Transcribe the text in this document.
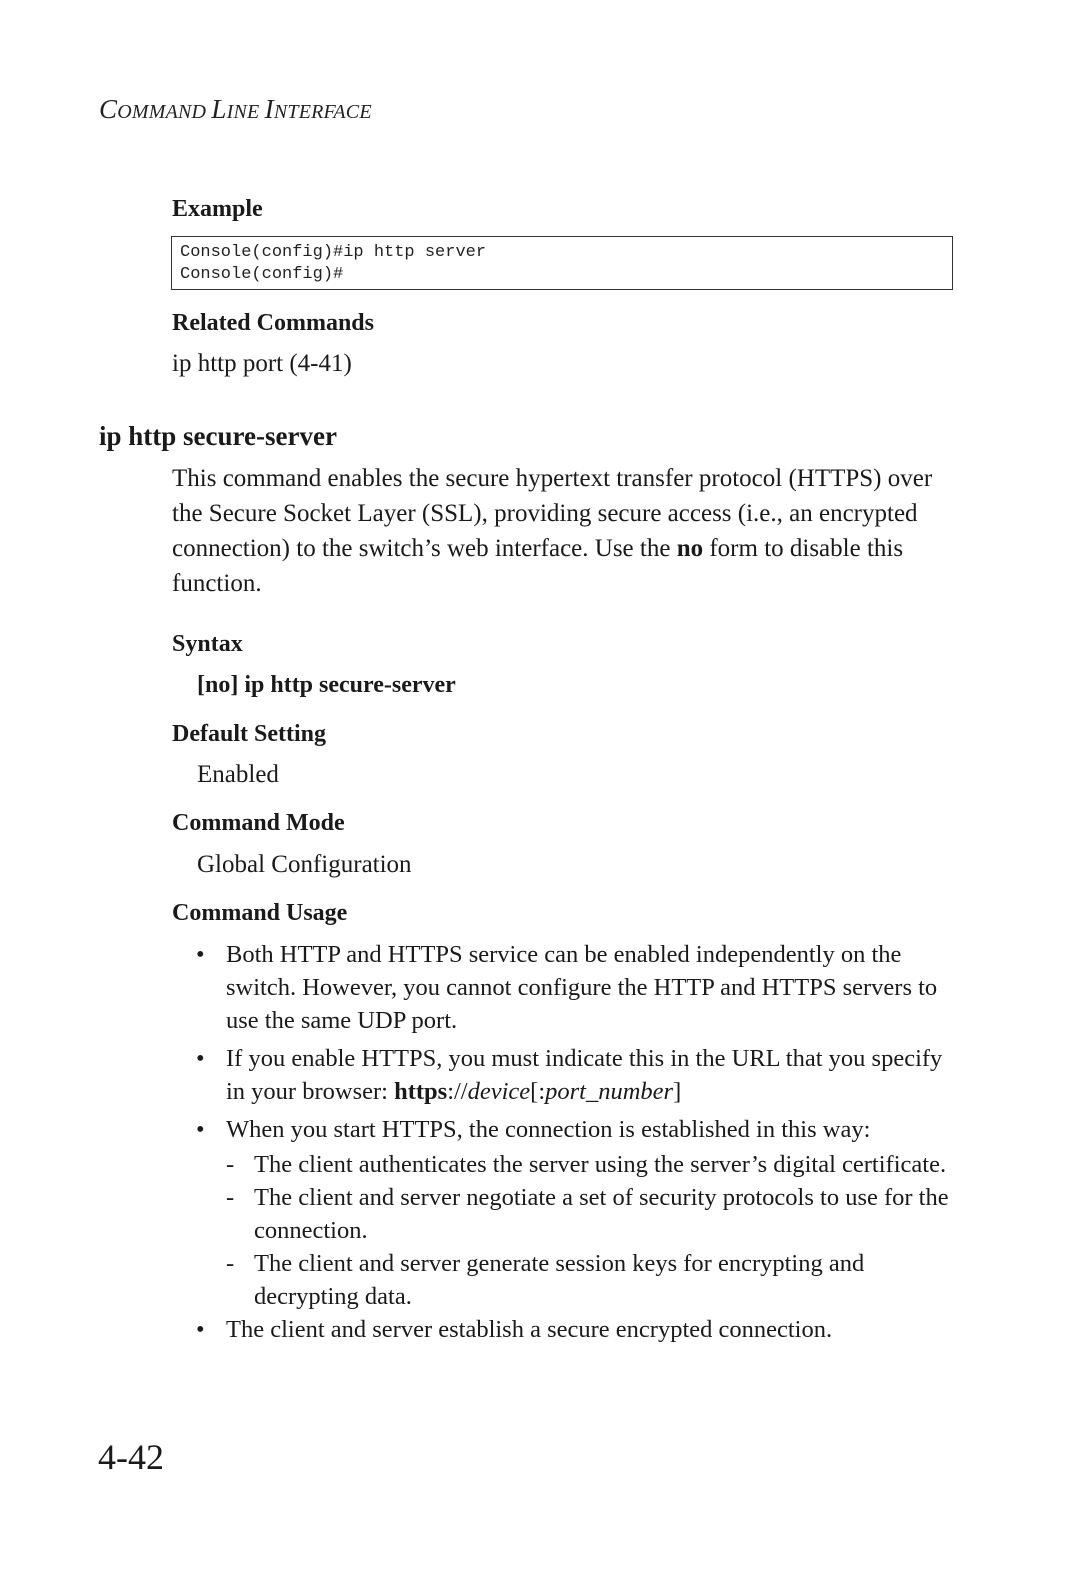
COMMAND LINE INTERFACE
Example
Console(config)#ip http server
Console(config)#
Related Commands
ip http port (4-41)
ip http secure-server
This command enables the secure hypertext transfer protocol (HTTPS) over the Secure Socket Layer (SSL), providing secure access (i.e., an encrypted connection) to the switch’s web interface. Use the no form to disable this function.
Syntax
[no] ip http secure-server
Default Setting
Enabled
Command Mode
Global Configuration
Command Usage
• Both HTTP and HTTPS service can be enabled independently on the switch. However, you cannot configure the HTTP and HTTPS servers to use the same UDP port.
• If you enable HTTPS, you must indicate this in the URL that you specify in your browser: https://device[:port_number]
• When you start HTTPS, the connection is established in this way:
- The client authenticates the server using the server’s digital certificate.
- The client and server negotiate a set of security protocols to use for the connection.
- The client and server generate session keys for encrypting and decrypting data.
• The client and server establish a secure encrypted connection.
4-42
